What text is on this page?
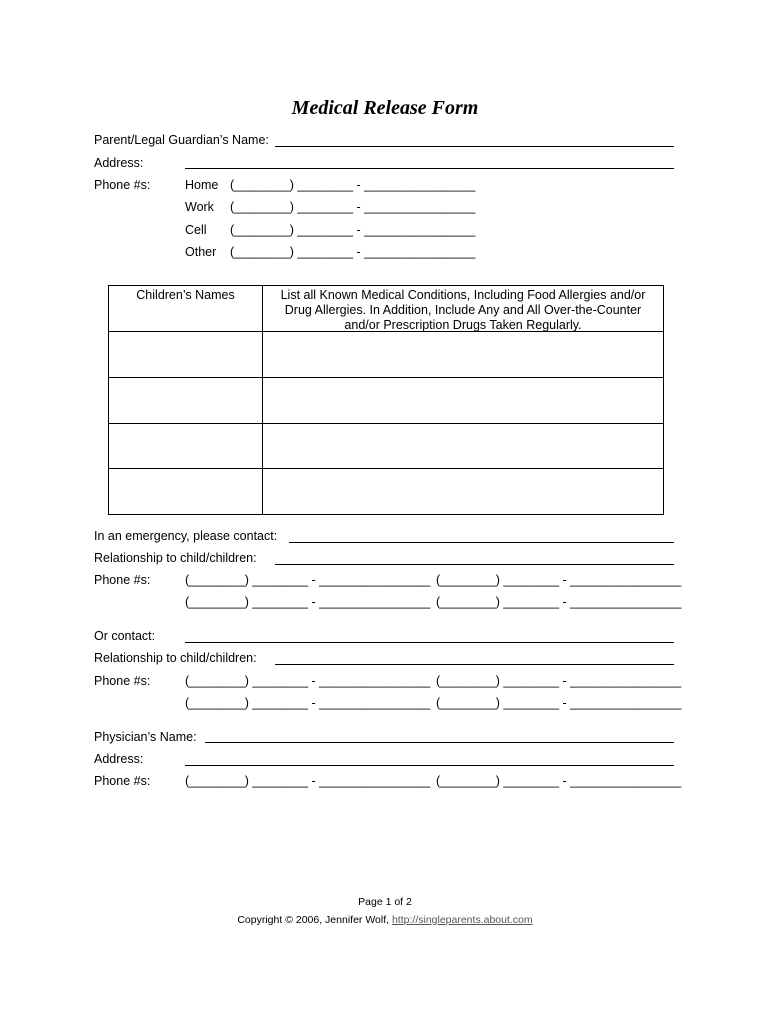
Medical Release Form
Parent/Legal Guardian’s Name:
Address:
Phone #s:	Home (________) ________ - ________________
Work (________) ________ - ________________
Cell (________) ________ - ________________
Other (________) ________ - ________________
Children’s Names	List all Known Medical Conditions, Including Food Allergies and/or Drug Allergies. In Addition, Include Any and All Over-the-Counter and/or Prescription Drugs Taken Regularly.
In an emergency, please contact:
Relationship to child/children:
Phone #s:	(________) ________ - ________________ (________) ________ - ________________
(________) ________ - ________________ (________) ________ - ________________
Or contact:
Relationship to child/children:
Phone #s:	(________) ________ - ________________ (________) ________ - ________________
(________) ________ - ________________ (________) ________ - ________________
Physician’s Name:
Address:
Phone #s:	(________) ________ - ________________ (________) ________ - ________________
Page 1 of 2
Copyright © 2006, Jennifer Wolf, http://singleparents.about.com
